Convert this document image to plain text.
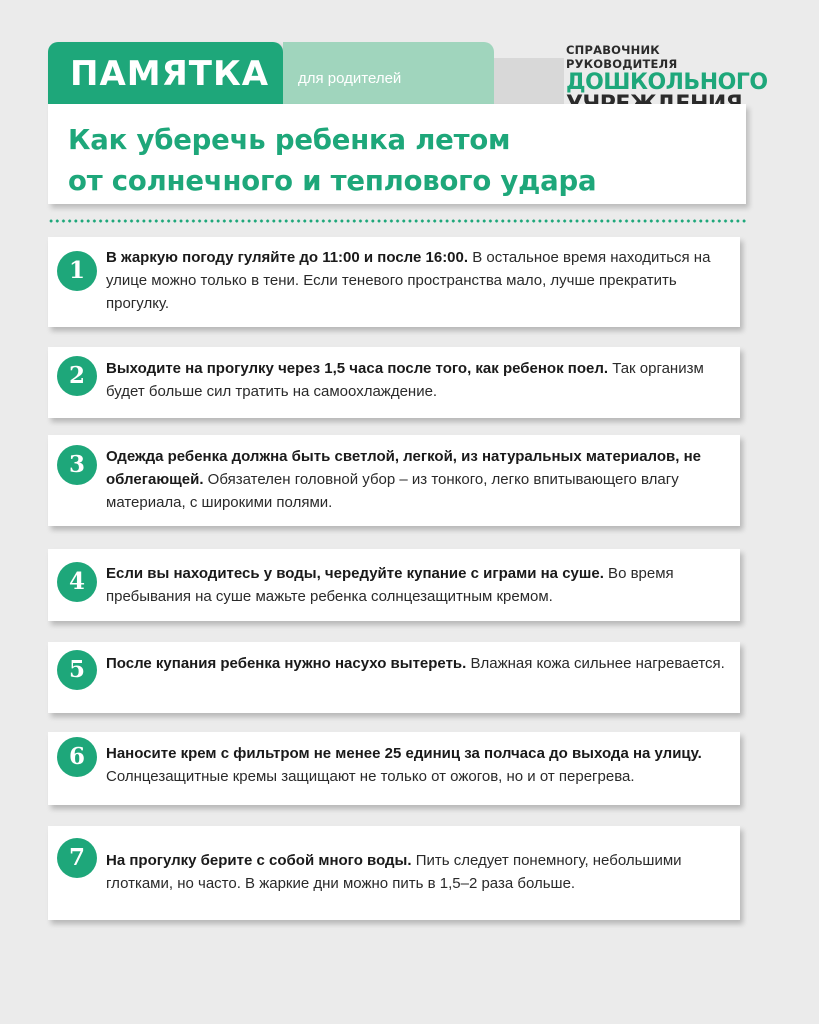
ПАМЯТКА для родителей
СПРАВОЧНИК РУКОВОДИТЕЛЯ
ДОШКОЛЬНОГО
Как уберечь ребенка летом
от солнечного и теплового удара
1	В жаркую погоду гуляйте до 11:00 и после 16:00. В остальное время находиться на улице можно только в тени. Если теневого пространства мало, лучше прекратить прогулку.
2	Выходите на прогулку через 1,5 часа после того, как ребенок поел. Так организм будет больше сил тратить на самоохлаждение.
3	Одежда ребенка должна быть светлой, легкой, из натуральных материалов, не облегающей. Обязателен головной убор – из тонкого, легко впитывающего влагу материала, с широкими полями.
4	Если вы находитесь у воды, чередуйте купание с играми на суше. Во время пребывания на суше мажьте ребенка солнцезащитным кремом.
5	После купания ребенка нужно насухо вытереть. Влажная кожа сильнее нагревается.
6	Наносите крем с фильтром не менее 25 единиц за полчаса до выхода на улицу. Солнцезащитные кремы защищают не только от ожогов, но и от перегрева.
7	На прогулку берите с собой много воды. Пить следует понемногу, небольшими глотками, но часто. В жаркие дни можно пить в 1,5–2 раза больше.
